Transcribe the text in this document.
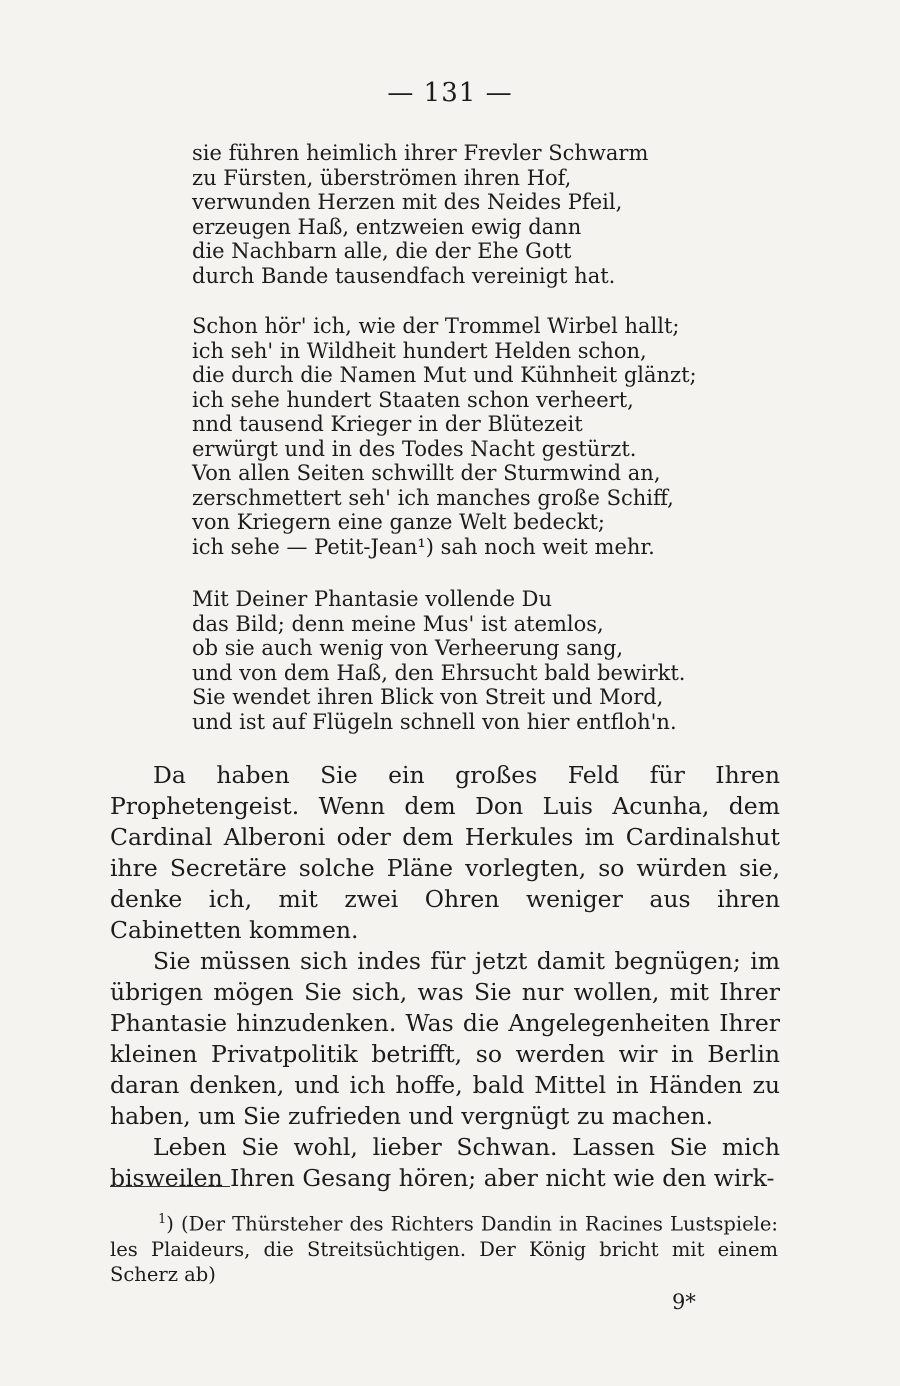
— 131 —
sie führen heimlich ihrer Frevler Schwarm
zu Fürsten, überströmen ihren Hof,
verwunden Herzen mit des Neides Pfeil,
erzeugen Haß, entzweien ewig dann
die Nachbarn alle, die der Ehe Gott
durch Bande tausendfach vereinigt hat.
Schon hör' ich, wie der Trommel Wirbel hallt;
ich seh' in Wildheit hundert Helden schon,
die durch die Namen Mut und Kühnheit glänzt;
ich sehe hundert Staaten schon verheert,
nnd tausend Krieger in der Blütezeit
erwürgt und in des Todes Nacht gestürzt.
Von allen Seiten schwillt der Sturmwind an,
zerschmettert seh' ich manches große Schiff,
von Kriegern eine ganze Welt bedeckt;
ich sehe — Petit-Jean¹) sah noch weit mehr.
Mit Deiner Phantasie vollende Du
das Bild; denn meine Mus' ist atemlos,
ob sie auch wenig von Verheerung sang,
und von dem Haß, den Ehrsucht bald bewirkt.
Sie wendet ihren Blick von Streit und Mord,
und ist auf Flügeln schnell von hier entfloh'n.

Da haben Sie ein großes Feld für Ihren Prophetengeist. Wenn dem Don Luis Acunha, dem Cardinal Alberoni oder dem Herkules im Cardinalshut ihre Secretäre solche Pläne vorlegten, so würden sie, denke ich, mit zwei Ohren weniger aus ihren Cabinetten kommen.

Sie müssen sich indes für jetzt damit begnügen; im übrigen mögen Sie sich, was Sie nur wollen, mit Ihrer Phantasie hinzudenken. Was die Angelegenheiten Ihrer kleinen Privatpolitik betrifft, so werden wir in Berlin daran denken, und ich hoffe, bald Mittel in Händen zu haben, um Sie zufrieden und vergnügt zu machen.

Leben Sie wohl, lieber Schwan. Lassen Sie mich bisweilen Ihren Gesang hören; aber nicht wie den wirk-

$^1$) (Der Thürsteher des Richters Dandin in Racines Lustspiele: les Plaideurs, die Streitsüchtigen. Der König bricht mit einem Scherz ab)
9*
